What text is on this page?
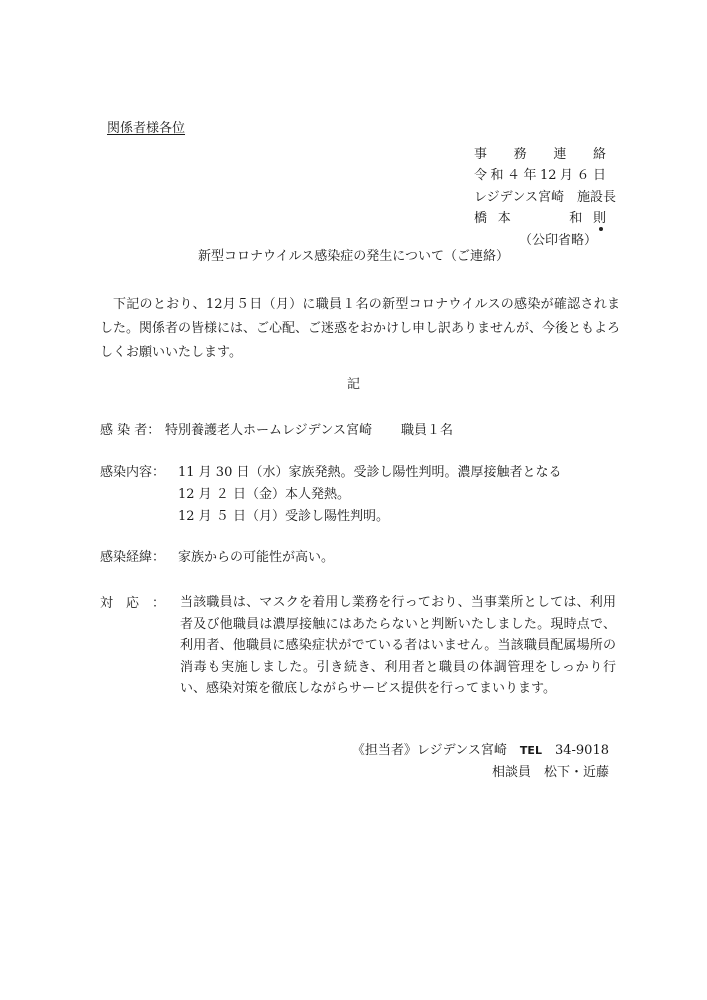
関係者様各位
事務連絡
令和４年12月６日
レジデンス宮崎　施設長
橋本　　和則
（公印省略）
新型コロナウイルス感染症の発生について（ご連絡）
下記のとおり、12月５日（月）に職員１名の新型コロナウイルスの感染が確認されました。関係者の皆様には、ご心配、ご迷惑をおかけし申し訳ありませんが、今後ともよろしくお願いいたします。
記
感 染 者： 特別養護老人ホームレジデンス宮崎 職員１名
感染内容： 11 月 30 日（水）家族発熱。受診し陽性判明。濃厚接触者となる
12 月 ２ 日（金）本人発熱。
12 月 ５ 日（月）受診し陽性判明。
感染経緯： 家族からの可能性が高い。
対　応　： 当該職員は、マスクを着用し業務を行っており、当事業所としては、利用者及び他職員は濃厚接触にはあたらないと判断いたしました。現時点で、利用者、他職員に感染症状がでている者はいません。当該職員配属場所の消毒も実施しました。引き続き、利用者と職員の体調管理をしっかり行い、感染対策を徹底しながらサービス提供を行ってまいります。
《担当者》レジデンス宮崎　TEL　 34-9018
相談員　松下・近藤
